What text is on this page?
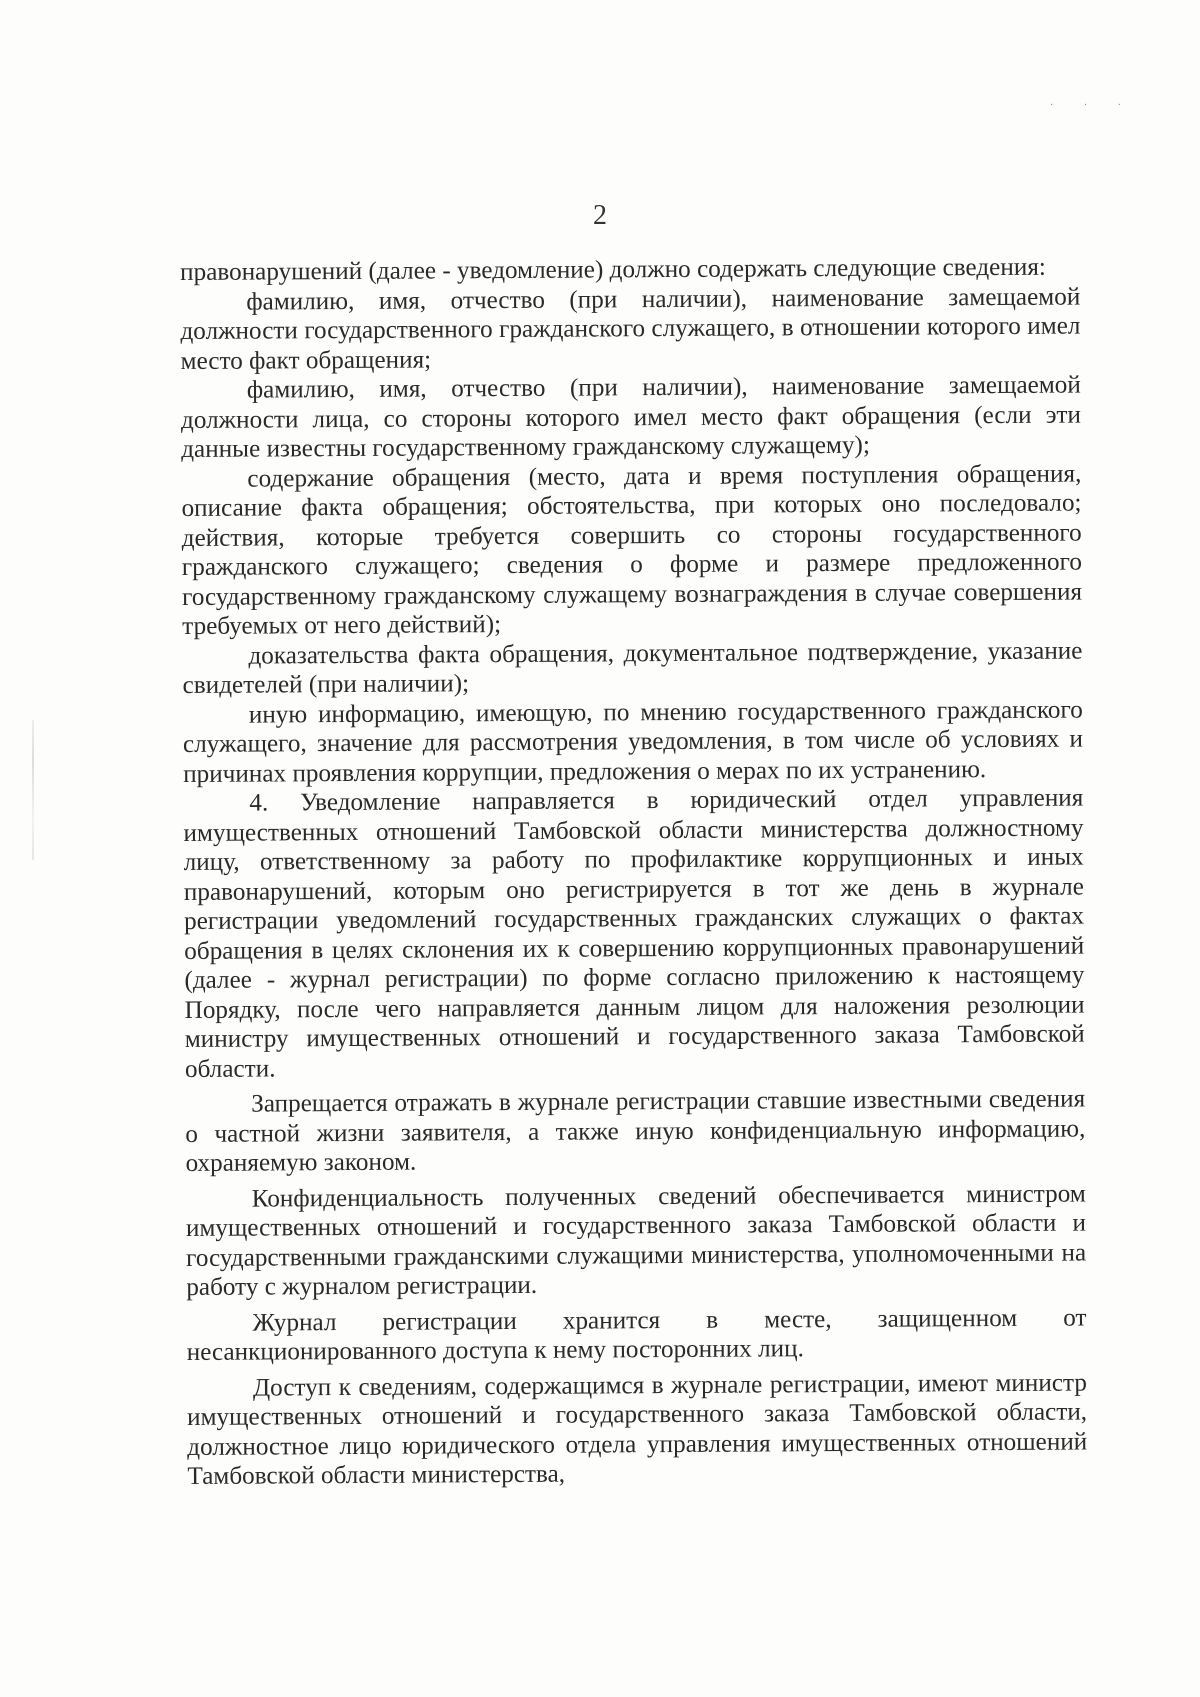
· · ·
2

правонарушений (далее - уведомление) должно содержать следующие сведения:

фамилию, имя, отчество (при наличии), наименование замещаемой должности государственного гражданского служащего, в отношении которого имел место факт обращения;

фамилию, имя, отчество (при наличии), наименование замещаемой должности лица, со стороны которого имел место факт обращения (если эти данные известны государственному гражданскому служащему);

содержание обращения (место, дата и время поступления обращения, описание факта обращения; обстоятельства, при которых оно последовало; действия, которые требуется совершить со стороны государственного гражданского служащего; сведения о форме и размере предложенного государственному гражданскому служащему вознаграждения в случае совершения требуемых от него действий);

доказательства факта обращения, документальное подтверждение, указание свидетелей (при наличии);

иную информацию, имеющую, по мнению государственного гражданского служащего, значение для рассмотрения уведомления, в том числе об условиях и причинах проявления коррупции, предложения о мерах по их устранению.

4. Уведомление направляется в юридический отдел управления имущественных отношений Тамбовской области министерства должностному лицу, ответственному за работу по профилактике коррупционных и иных правонарушений, которым оно регистрируется в тот же день в журнале регистрации уведомлений государственных гражданских служащих о фактах обращения в целях склонения их к совершению коррупционных правонарушений (далее - журнал регистрации) по форме согласно приложению к настоящему Порядку, после чего направляется данным лицом для наложения резолюции министру имущественных отношений и государственного заказа Тамбовской области.

Запрещается отражать в журнале регистрации ставшие известными сведения о частной жизни заявителя, а также иную конфиденциальную информацию, охраняемую законом.

Конфиденциальность полученных сведений обеспечивается министром имущественных отношений и государственного заказа Тамбовской области и государственными гражданскими служащими министерства, уполномоченными на работу с журналом регистрации.

Журнал регистрации хранится в месте, защищенном от несанкционированного доступа к нему посторонних лиц.

Доступ к сведениям, содержащимся в журнале регистрации, имеют министр имущественных отношений и государственного заказа Тамбовской области, должностное лицо юридического отдела управления имущественных отношений Тамбовской области министерства,
